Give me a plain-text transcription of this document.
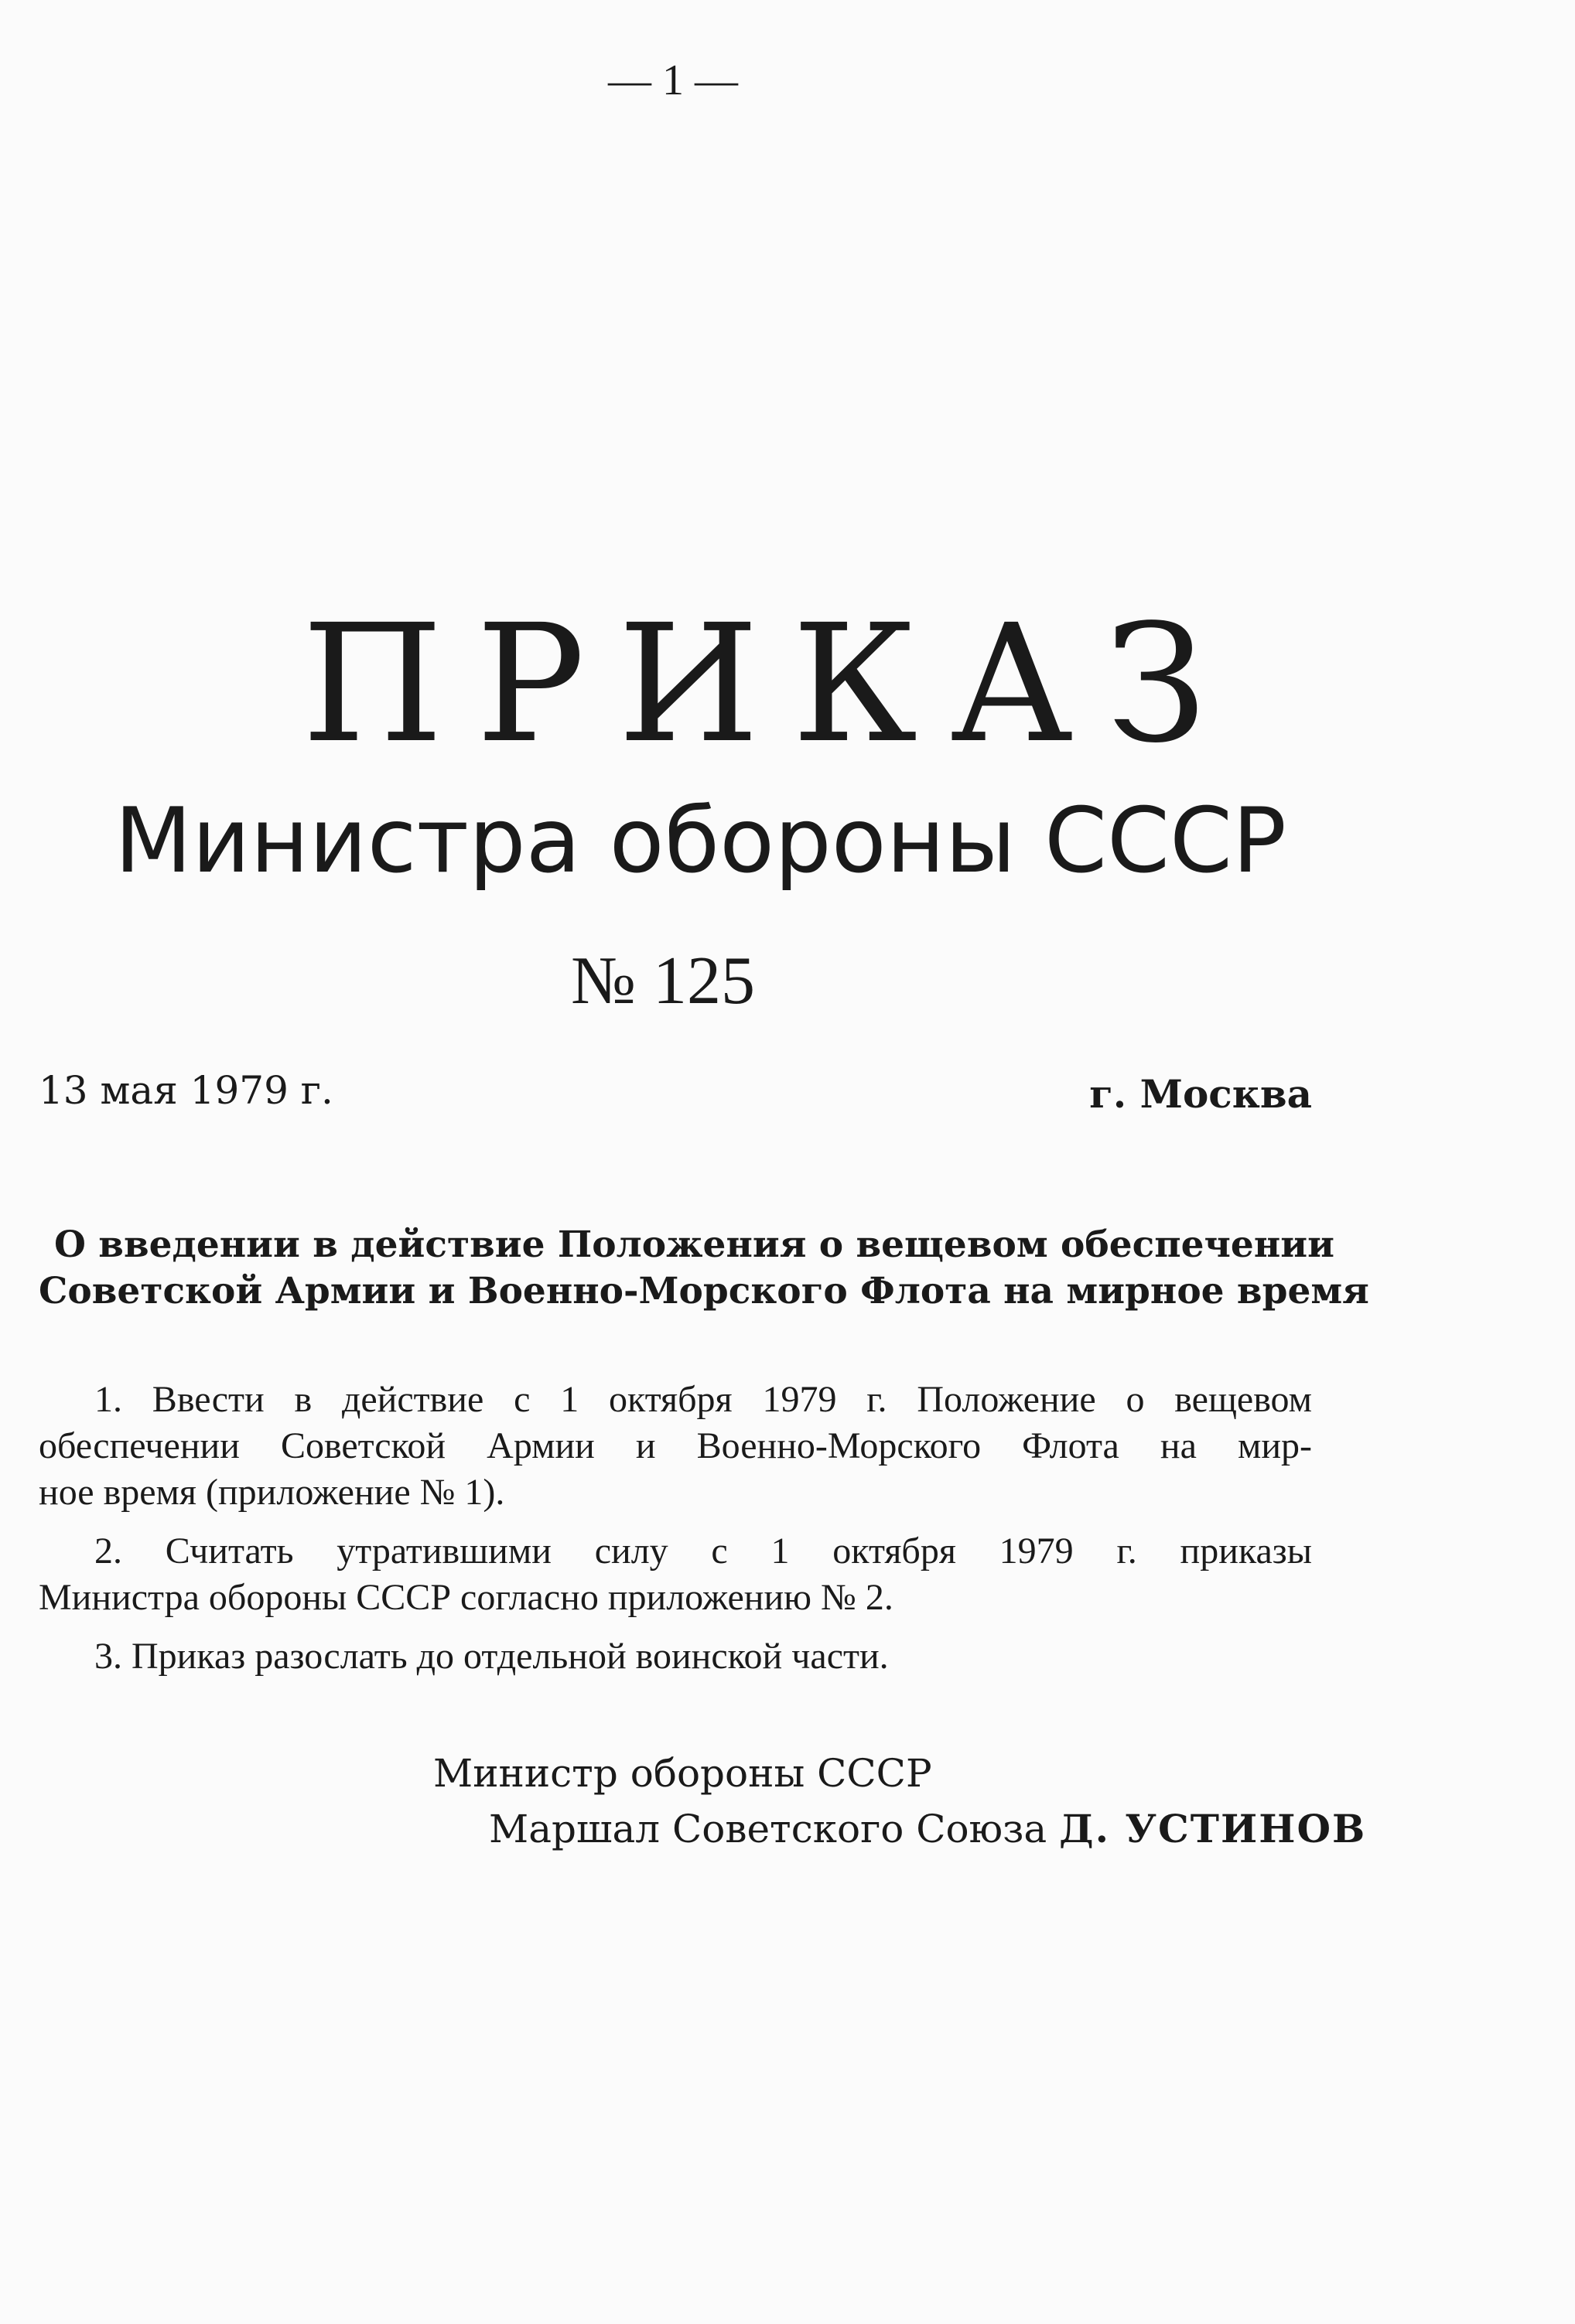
— 1 —
ПРИКАЗ
Министра обороны СССР
№ 125
13 мая 1979 г.	г. Москва
О введении в действие Положения о вещевом обеспечении
Советской Армии и Военно-Морского Флота на мирное время
1. Ввести в действие с 1 октября 1979 г. Положение о вещевом
обеспечении Советской Армии и Военно-Морского Флота на мир-
ное время (приложение № 1).
2. Считать утратившими силу с 1 октября 1979 г. приказы
Министра обороны СССР согласно приложению № 2.
3. Приказ разослать до отдельной воинской части.
Министр обороны СССР
Маршал Советского Союза Д. УСТИНОВ
